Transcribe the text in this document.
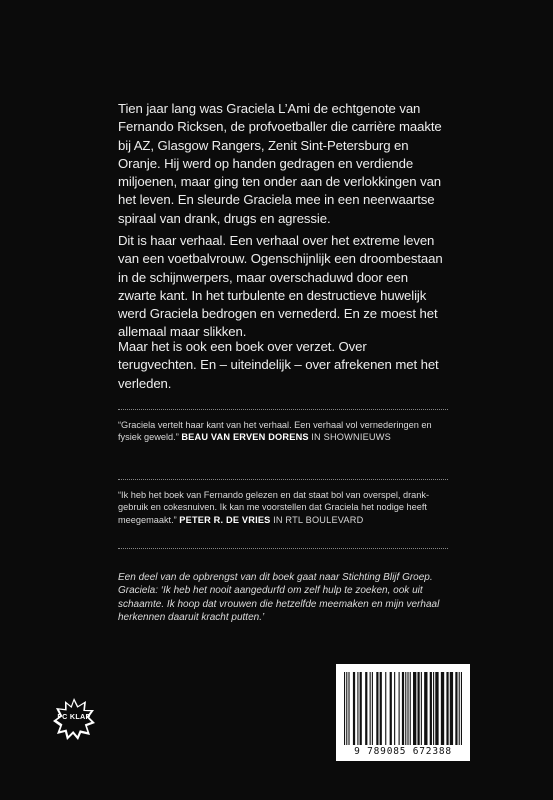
Tien jaar lang was Graciela L’Ami de echtgenote van Fernando Ricksen, de profvoetballer die carrière maakte bij AZ, Glasgow Rangers, Zenit Sint-Petersburg en Oranje. Hij werd op handen gedragen en verdiende miljoenen, maar ging ten onder aan de verlokkingen van het leven. En sleurde Graciela mee in een neerwaartse spiraal van drank, drugs en agressie.

Dit is haar verhaal. Een verhaal over het extreme leven van een voetbalvrouw. Ogenschijnlijk een droombestaan in de schijnwerpers, maar overschaduwd door een zwarte kant. In het turbulente en destructieve huwelijk werd Graciela bedrogen en vernederd. En ze moest het allemaal maar slikken.

Maar het is ook een boek over verzet. Over terugvechten. En – uiteindelijk – over afrekenen met het verleden.

“Graciela vertelt haar kant van het verhaal. Een verhaal vol vernederingen en fysiek geweld.” BEAU VAN ERVEN DORENS IN SHOWNIEUWS

“Ik heb het boek van Fernando gelezen en dat staat bol van overspel, drank-gebruik en cokesnuiven. Ik kan me voorstellen dat Graciela het nodige heeft meegemaakt.” PETER R. DE VRIES IN RTL BOULEVARD

Een deel van de opbrengst van dit boek gaat naar Stichting Blijf Groep. Graciela: ‘Ik heb het nooit aangedurfd om zelf hulp te zoeken, ook uit schaamte. Ik hoop dat vrouwen die hetzelfde meemaken en mijn verhaal herkennen daaruit kracht putten.’

FC KLAP
9 789085 672388
